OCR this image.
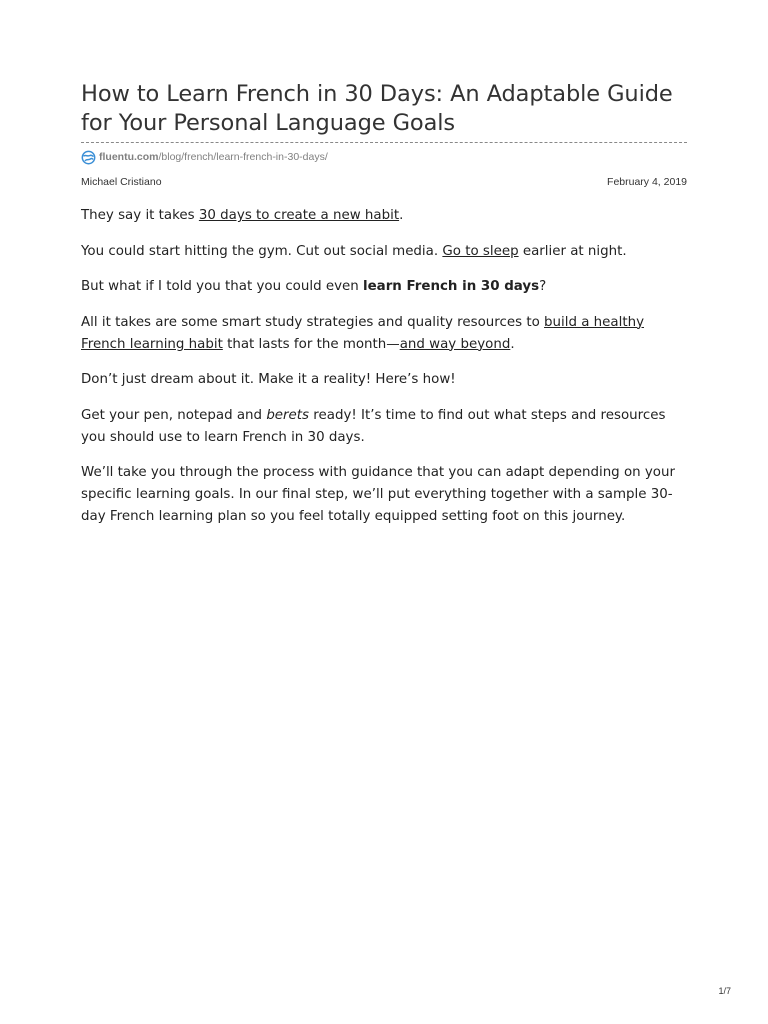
How to Learn French in 30 Days: An Adaptable Guide for Your Personal Language Goals
fluentu.com /blog/french/learn-french-in-30-days/
Michael Cristiano	February 4, 2019

They say it takes 30 days to create a new habit.

You could start hitting the gym. Cut out social media. Go to sleep earlier at night.

But what if I told you that you could even learn French in 30 days?

All it takes are some smart study strategies and quality resources to build a healthy French learning habit that lasts for the month—and way beyond.

Don’t just dream about it. Make it a reality! Here’s how!

Get your pen, notepad and berets ready! It’s time to find out what steps and resources you should use to learn French in 30 days.

We’ll take you through the process with guidance that you can adapt depending on your specific learning goals. In our final step, we’ll put everything together with a sample 30-day French learning plan so you feel totally equipped setting foot on this journey.

1/7
